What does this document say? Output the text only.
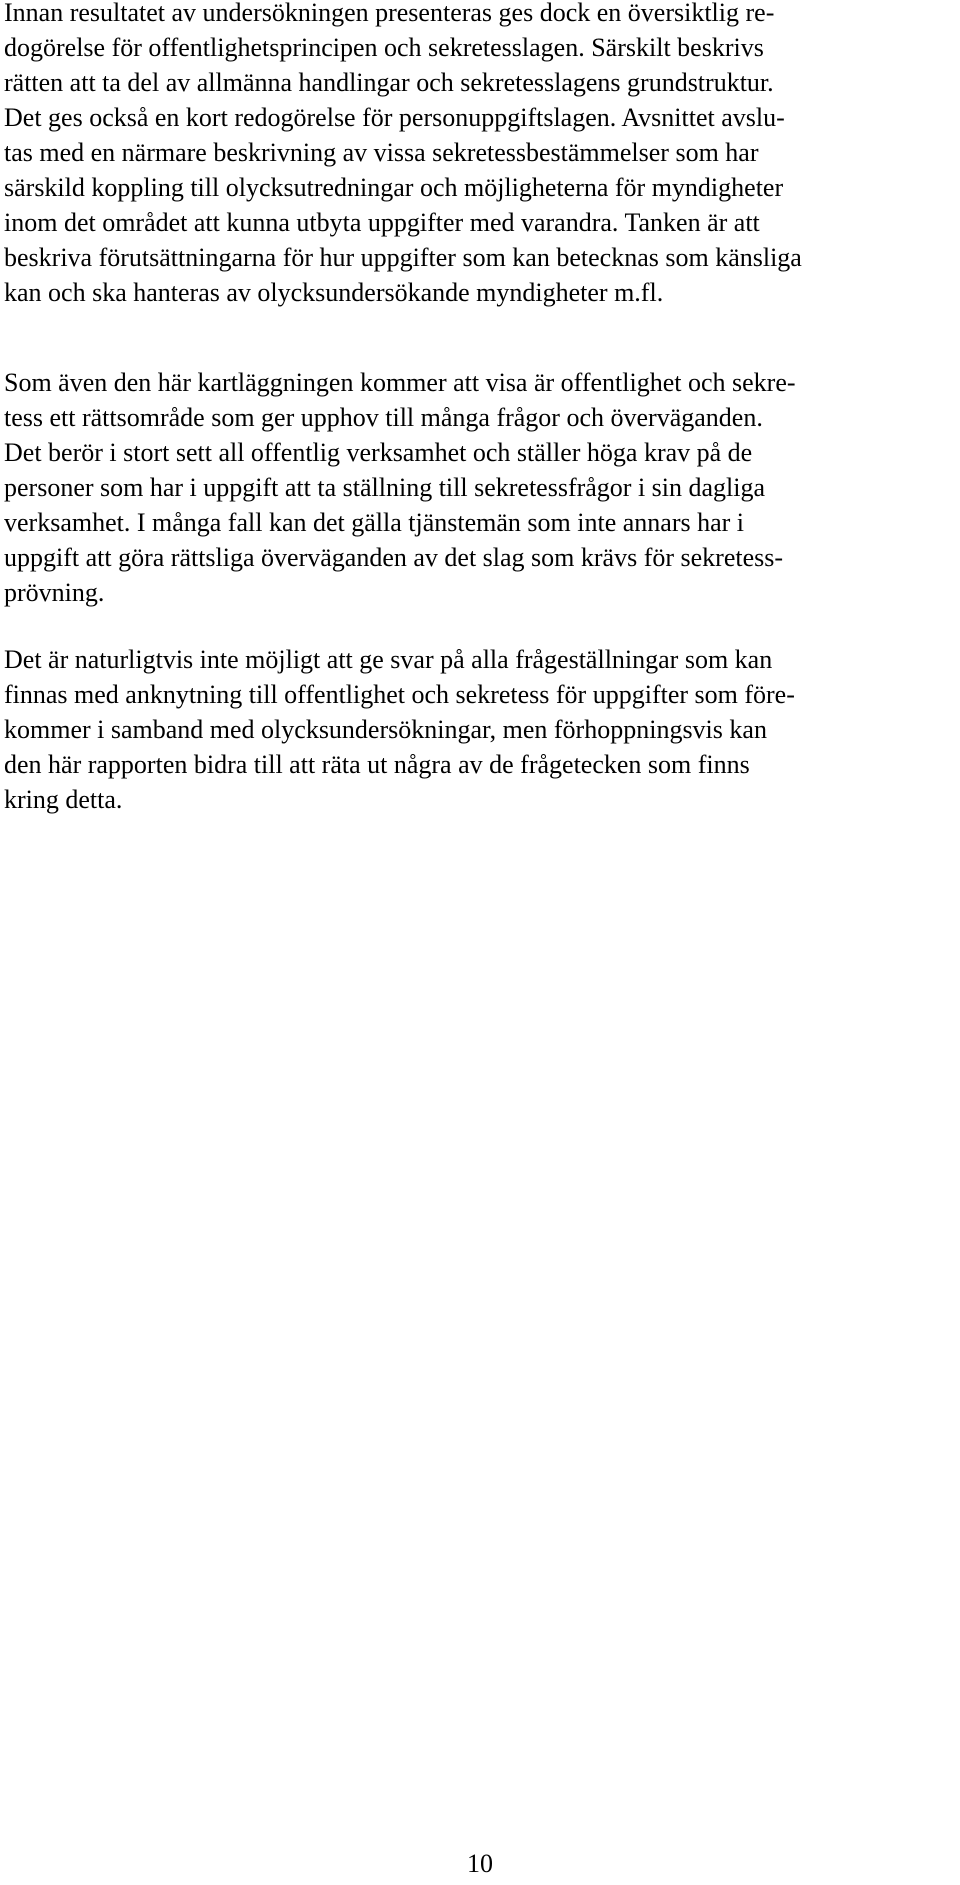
Innan resultatet av undersökningen presenteras ges dock en översiktlig re-
dogörelse för offentlighetsprincipen och sekretesslagen. Särskilt beskrivs
rätten att ta del av allmänna handlingar och sekretesslagens grundstruktur.
Det ges också en kort redogörelse för personuppgiftslagen. Avsnittet avslu-
tas med en närmare beskrivning av vissa sekretessbestämmelser som har
särskild koppling till olycksutredningar och möjligheterna för myndigheter
inom det området att kunna utbyta uppgifter med varandra. Tanken är att
beskriva förutsättningarna för hur uppgifter som kan betecknas som känsliga
kan och ska hanteras av olycksundersökande myndigheter m.fl.
Som även den här kartläggningen kommer att visa är offentlighet och sekre-
tess ett rättsområde som ger upphov till många frågor och överväganden.
Det berör i stort sett all offentlig verksamhet och ställer höga krav på de
personer som har i uppgift att ta ställning till sekretessfrågor i sin dagliga
verksamhet. I många fall kan det gälla tjänstemän som inte annars har i
uppgift att göra rättsliga överväganden av det slag som krävs för sekretess-
prövning.
Det är naturligtvis inte möjligt att ge svar på alla frågeställningar som kan
finnas med anknytning till offentlighet och sekretess för uppgifter som före-
kommer i samband med olycksundersökningar, men förhoppningsvis kan
den här rapporten bidra till att räta ut några av de frågetecken som finns
kring detta.
10
